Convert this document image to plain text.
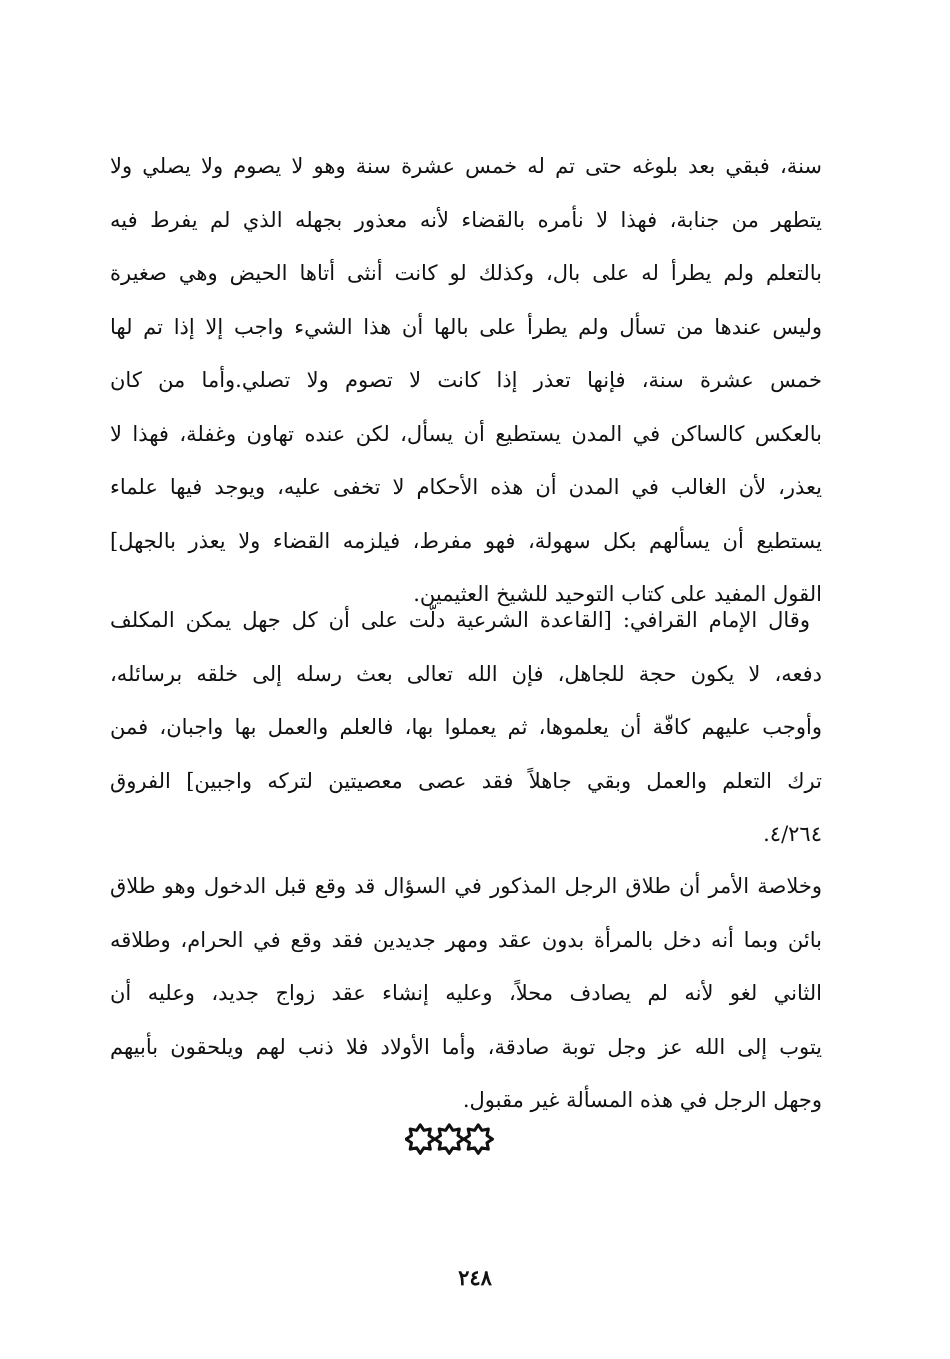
سنة، فبقي بعد بلوغه حتى تم له خمس عشرة سنة وهو لا يصوم ولا يصلي ولا
يتطهر من جنابة، فهذا لا نأمره بالقضاء لأنه معذور بجهله الذي لم يفرط فيه
بالتعلم ولم يطرأ له على بال، وكذلك لو كانت أنثى أتاها الحيض وهي صغيرة
وليس عندها من تسأل ولم يطرأ على بالها أن هذا الشيء واجب إلا إذا تم لها
خمس عشرة سنة، فإنها تعذر إذا كانت لا تصوم ولا تصلي.وأما من كان
بالعكس كالساكن في المدن يستطيع أن يسأل، لكن عنده تهاون وغفلة، فهذا لا
يعذر، لأن الغالب في المدن أن هذه الأحكام لا تخفى عليه، ويوجد فيها علماء
يستطيع أن يسألهم بكل سهولة، فهو مفرط، فيلزمه القضاء ولا يعذر بالجهل]
القول المفيد على كتاب التوحيد للشيخ العثيمين.
وقال الإمام القرافي: [القاعدة الشرعية دلّت على أن كل جهل يمكن المكلف
دفعه، لا يكون حجة للجاهل، فإن الله تعالى بعث رسله إلى خلقه برسائله،
وأوجب عليهم كافّة أن يعلموها، ثم يعملوا بها، فالعلم والعمل بها واجبان، فمن
ترك التعلم والعمل وبقي جاهلاً فقد عصى معصيتين لتركه واجبين] الفروق
٤/٢٦٤.
وخلاصة الأمر أن طلاق الرجل المذكور في السؤال قد وقع قبل الدخول وهو طلاق
بائن وبما أنه دخل بالمرأة بدون عقد ومهر جديدين فقد وقع في الحرام، وطلاقه
الثاني لغو لأنه لم يصادف محلاً، وعليه إنشاء عقد زواج جديد، وعليه أن
يتوب إلى الله عز وجل توبة صادقة، وأما الأولاد فلا ذنب لهم ويلحقون بأبيهم
وجهل الرجل في هذه المسألة غير مقبول.
٢٤٨
